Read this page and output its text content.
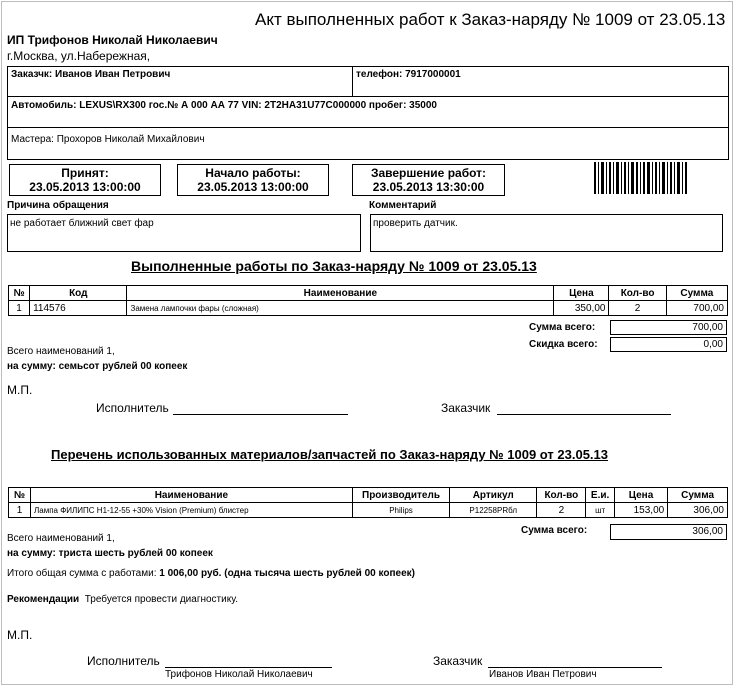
Акт выполненных работ к Заказ-наряду № 1009 от 23.05.13
ИП Трифонов Николай Николаевич
г.Москва, ул.Набережная,
Заказчк: Иванов Иван Петрович	телефон: 7917000001
Автомобиль: LEXUS\RX300 гос.№ А 000 АА 77 VIN: 2T2HA31U77C000000 пробег: 35000
Мастера: Прохоров Николай Михайлович
Принят:
23.05.2013 13:00:00
Начало работы:
23.05.2013 13:00:00
Завершение работ:
23.05.2013 13:30:00
Причина обращения
не работает ближний свет фар
Комментарий
проверить датчик.
Выполненные работы по Заказ-наряду № 1009 от 23.05.13
№	Код	Наименование	Цена	Кол-во	Сумма
1	114576	Замена лампочки фары (сложная)	350,00	2	700,00
Сумма всего:	700,00
Скидка всего:	0,00
Всего наименований 1,
на сумму: семьсот рублей 00 копеек
М.П.
Исполнитель	Заказчик
Перечень использованных материалов/запчастей по Заказ-наряду № 1009 от 23.05.13
№	Наименование	Производитель	Артикул	Кол-во	Е.и.	Цена	Сумма
1	Лампа ФИЛИПС H1-12-55 +30% Vision (Premium) блистер	Philips	P12258PRбл	2	шт	153,00	306,00
Сумма всего:	306,00
Всего наименований 1,
на сумму: триста шесть рублей 00 копеек
Итого общая сумма с работами: 1 006,00 руб. (одна тысяча шесть рублей 00 копеек)
Рекомендации Требуется провести диагностику.
М.П.
Исполнитель
Трифонов Николай Николаевич
Заказчик
Иванов Иван Петрович
